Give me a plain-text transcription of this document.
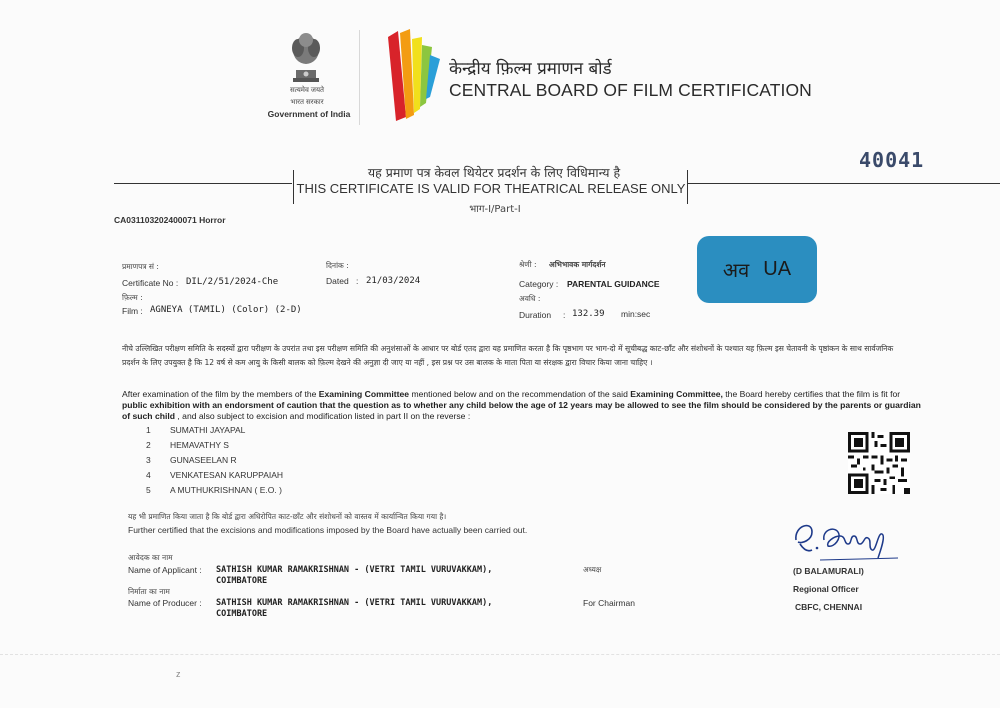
सत्यमेव जयते
भारत सरकार
Government of India
केन्द्रीय फ़िल्म प्रमाणन बोर्ड
CENTRAL BOARD OF FILM CERTIFICATION
40041
यह प्रमाण पत्र केवल थियेटर प्रदर्शन के लिए विधिमान्य है
THIS CERTIFICATE IS VALID FOR THEATRICAL RELEASE ONLY
भाग-I/Part-I
CA031103202400071 Horror
प्रमाणपत्र सं :
Certificate No : DIL/2/51/2024-Che
दिनांक :
Dated : 21/03/2024
फ़िल्म :
Film : AGNEYA (TAMIL) (Color) (2-D)
श्रेणी : अभिभावक मार्गदर्शन
Category : PARENTAL GUIDANCE
अवधि :
Duration : 132.39 min:sec
अव UA
नीचे उल्लिखित परीक्षण समिति के सदस्यों द्वारा परीक्षण के उपरांत तथा इस परीक्षण समिति की अनुशंसाओं के आधार पर बोर्ड एतद द्वारा यह प्रमाणित करता है कि पृष्ठभाग पर भाग-दो में सूचीबद्ध काट-छाँट और संशोधनों के पश्चात यह फ़िल्म इस चेतावनी के पृष्ठांकन के साथ सार्वजनिक प्रदर्शन के लिए उपयुक्त है कि 12 वर्ष से कम आयु के किसी बालक को फ़िल्म देखने की अनुज्ञा दी जाए या नहीं , इस प्रश्न पर उस बालक के माता पिता या संरक्षक द्वारा विचार किया जाना चाहिए ।
After examination of the film by the members of the Examining Committee mentioned below and on the recommendation of the said Examining Committee, the Board hereby certifies that the film is fit for public exhibition with an endorsment of caution that the question as to whether any child below the age of 12 years may be allowed to see the film should be considered by the parents or guardian of such child , and also subject to excision and modification listed in part II on the reverse :
1 SUMATHI JAYAPAL
2 HEMAVATHY S
3 GUNASEELAN R
4 VENKATESAN KARUPPAIAH
5 A MUTHUKRISHNAN ( E.O. )
यह भी प्रमाणित किया जाता है कि बोर्ड द्वारा अधिरोपित काट-छाँट और संशोधनों को वास्तव में कार्यान्वित किया गया है।
Further certified that the excisions and modifications imposed by the Board have actually been carried out.
आवेदक का नाम
Name of Applicant : SATHISH KUMAR RAMAKRISHNAN - (VETRI TAMIL VURUVAKKAM),
COIMBATORE
निर्माता का नाम
Name of Producer : SATHISH KUMAR RAMAKRISHNAN - (VETRI TAMIL VURUVAKKAM),
COIMBATORE
अध्यक्ष
For Chairman
(D BALAMURALI)
Regional Officer
CBFC, CHENNAI
z
